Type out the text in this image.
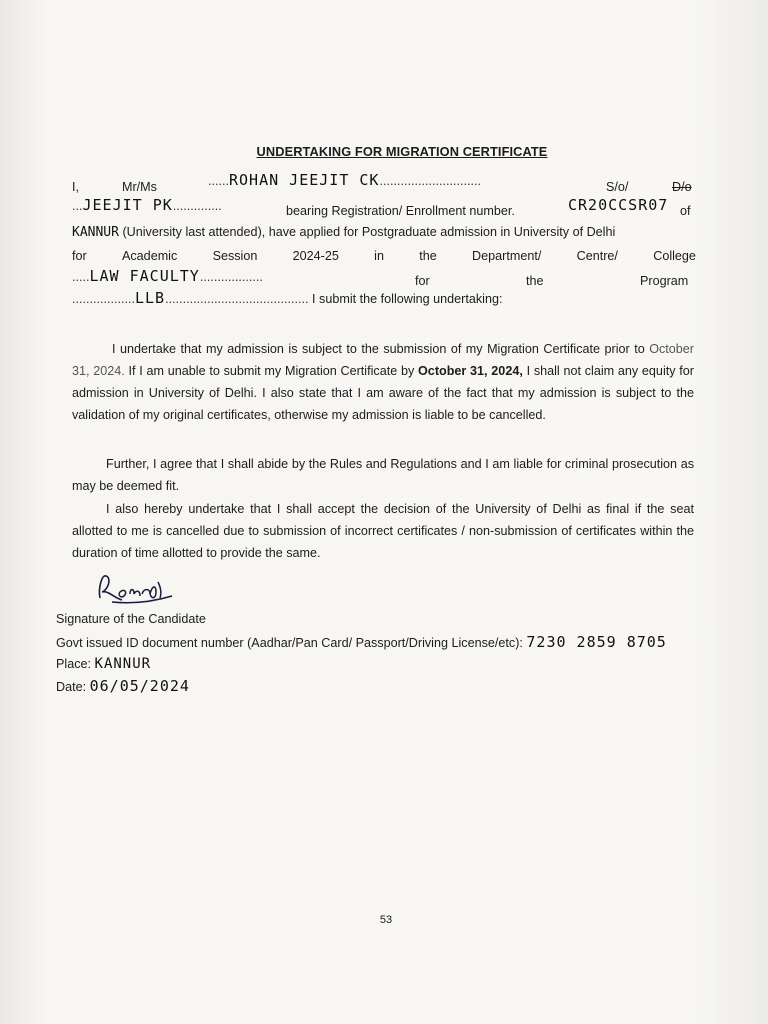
UNDERTAKING FOR MIGRATION CERTIFICATE
I,	Mr/Ms	......ROHAN JEEJIT CK.............................	S/o/	D/o
...JEEJIT PK..............	bearing Registration/ Enrollment number.	CR20CCSR07 of
KANNUR (University last attended), have applied for Postgraduate admission in University of Delhi
for	Academic	Session	2024-25	in	the	Department/	Centre/	College
.....LAW FACULTY..................	for	the	Program
..................LLB......................................... I submit the following undertaking:
I undertake that my admission is subject to the submission of my Migration Certificate prior to October 31, 2024. If I am unable to submit my Migration Certificate by October 31, 2024, I shall not claim any equity for admission in University of Delhi. I also state that I am aware of the fact that my admission is subject to the validation of my original certificates, otherwise my admission is liable to be cancelled.
Further, I agree that I shall abide by the Rules and Regulations and I am liable for criminal prosecution as may be deemed fit.
I also hereby undertake that I shall accept the decision of the University of Delhi as final if the seat allotted to me is cancelled due to submission of incorrect certificates / non-submission of certificates within the duration of time allotted to provide the same.
Signature of the Candidate
Govt issued ID document number (Aadhar/Pan Card/ Passport/Driving License/etc): 7230 2859 8705
Place: KANNUR
Date: 06/05/2024
53
